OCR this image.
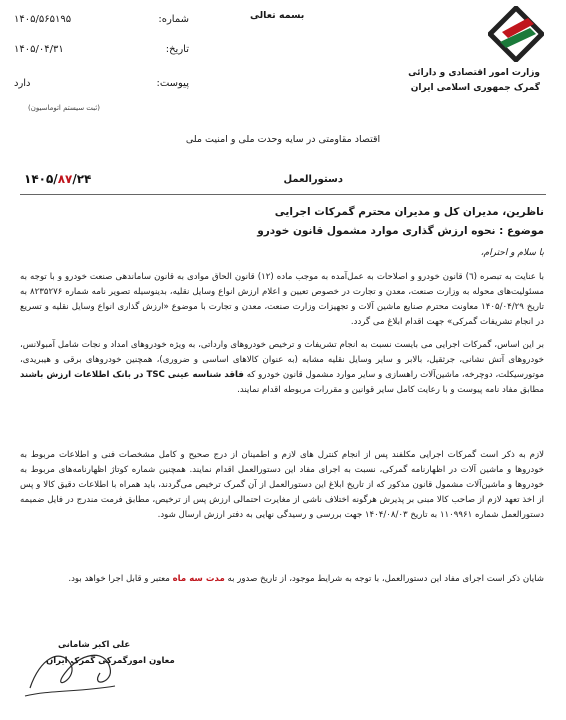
وزارت امور اقتصادی و دارائی
گمرک جمهوری اسلامی ایران
بسمه تعالی
۱۴۰۵/۵۶۵۱۹۵	شماره:
۱۴۰۵/۰۴/۳۱	تاریخ:
دارد	پیوست:
(ثبت سیستم اتوماسیون)
اقتصاد مقاومتی در سایه وحدت ملی و امنیت ملی
دستورالعمل
۱۴۰۵/۸۷/۲۴
ناظرین، مدیران کل و مدیران محترم گمرکات اجرایی
موضوع : نحوه ارزش گذاری موارد مشمول قانون خودرو
با سلام و احترام،
با عنایت به تبصره (٦) قانون خودرو و اصلاحات به عمل‌آمده به موجب ماده (١٢) قانون الحاق موادی به قانون ساماندهی صنعت خودرو و با توجه به مسئولیت‌های محوله به وزارت صنعت، معدن و تجارت در خصوص تعیین و اعلام ارزش انواع وسایل نقلیه، بدینوسیله تصویر نامه شماره ۸۲۳۵۲۷۶ به تاریخ ۱۴۰۵/۰۴/۲۹ معاونت محترم صنایع ماشین آلات و تجهیزات وزارت صنعت، معدن و تجارت با موضوع «ارزش گذاری انواع وسایل نقلیه و تسریع در انجام تشریفات گمرکی» جهت اقدام ابلاغ می گردد.
بر این اساس، گمرکات اجرایی می بایست نسبت به انجام تشریفات و ترخیص خودروهای وارداتی، به ویژه خودروهای امداد و نجات شامل آمبولانس، خودروهای آتش نشانی، جرثقیل، بالابر و سایر وسایل نقلیه مشابه (به عنوان کالاهای اساسی و ضروری)، همچنین خودروهای برقی و هیبریدی، موتورسیکلت، دوچرخه، ماشین‌آلات راهسازی و سایر موارد مشمول قانون خودرو که فاقد شناسه عینی TSC در بانک اطلاعات ارزش باشند مطابق مفاد نامه پیوست و با رعایت کامل سایر قوانین و مقررات مربوطه اقدام نمایند.
لازم به ذکر است گمرکات اجرایی مکلفند پس از انجام کنترل های لازم و اطمینان از درج صحیح و کامل مشخصات فنی و اطلاعات مربوط به خودروها و ماشین آلات در اظهارنامه گمرکی، نسبت به اجرای مفاد این دستورالعمل اقدام نمایند. همچنین شماره کوتاژ اظهارنامه‌های مربوط به خودروها و ماشین‌آلات مشمول قانون مذکور که از تاریخ ابلاغ این دستورالعمل از آن گمرک ترخیص می‌گردند، باید همراه با اطلاعات دقیق کالا و پس از اخذ تعهد لازم از صاحب کالا مبنی بر پذیرش هرگونه اختلاف ناشی از مغایرت احتمالی ارزش پس از ترخیص، مطابق فرمت مندرج در فایل ضمیمه دستورالعمل شماره ۱۱۰۹۹۶۱ به تاریخ ۱۴۰۴/۰۸/۰۳ جهت بررسی و رسیدگی نهایی به دفتر ارزش ارسال شود.
شایان ذکر است اجرای مفاد این دستورالعمل، با توجه به شرایط موجود، از تاریخ صدور به مدت سه ماه معتبر و قابل اجرا خواهد بود.
علی اکبر شامانی
معاون امورگمرکی گمرک ایران
